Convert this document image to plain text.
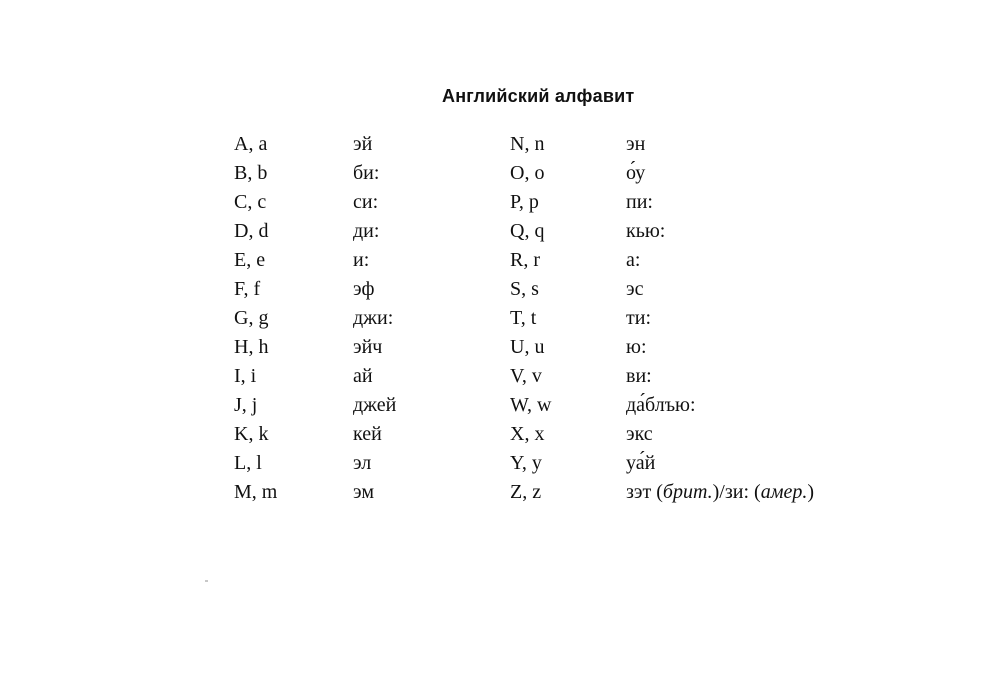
Английский алфавит
A, a	эй	N, n	эн
B, b	би:	O, o	о́у
C, c	си:	P, p	пи:
D, d	ди:	Q, q	кью:
E, e	и:	R, r	а:
F, f	эф	S, s	эс
G, g	джи:	T, t	ти:
H, h	эйч	U, u	ю:
I, i	ай	V, v	ви:
J, j	джей	W, w	да́блъю:
K, k	кей	X, x	экс
L, l	эл	Y, y	уа́й
M, m	эм	Z, z	зэт (брит.)/зи: (амер.)
